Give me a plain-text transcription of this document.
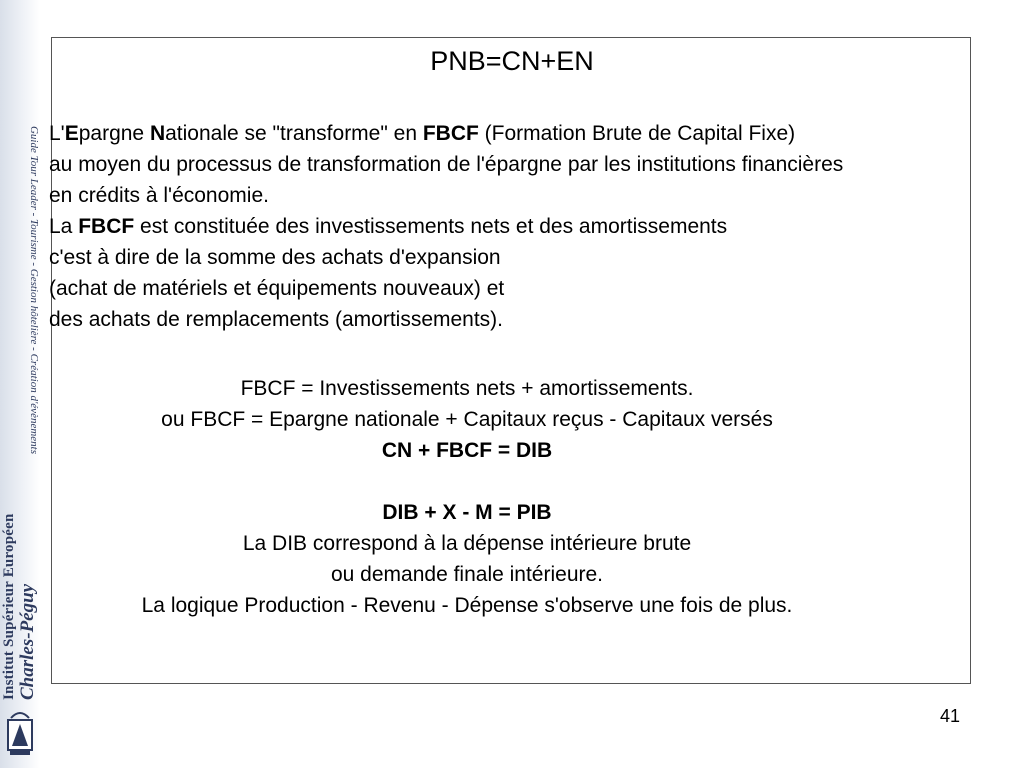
Guide Tour Leader - Tourisme - Gestion hôtelière - Création d'évènements
Institut Supérieur Européen Charles-Péguy
PNB=CN+EN
L'Epargne Nationale se "transforme" en FBCF (Formation Brute de Capital Fixe)
au moyen du processus de transformation de l'épargne par les institutions financières
en crédits à l'économie.
La FBCF est constituée des investissements nets et des amortissements
c'est à dire de la somme des achats d'expansion
(achat de matériels et équipements nouveaux) et
des achats de remplacements (amortissements).
FBCF = Investissements nets + amortissements.
ou FBCF = Epargne nationale + Capitaux reçus - Capitaux versés
CN + FBCF = DIB
DIB + X - M = PIB
La DIB correspond à la dépense intérieure brute
ou demande finale intérieure.
La logique Production - Revenu - Dépense s'observe une fois de plus.
41
